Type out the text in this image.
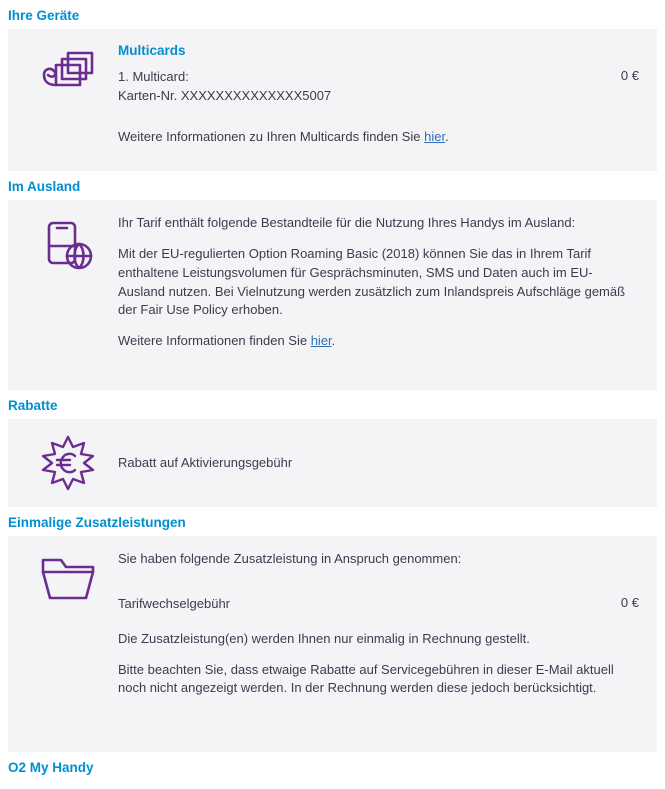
Ihre Geräte
Multicards

1. Multicard:

Karten-Nr. XXXXXXXXXXXXXX5007

0 €

Weitere Informationen zu Ihren Multicards finden Sie hier.

Im Ausland

Ihr Tarif enthält folgende Bestandteile für die Nutzung Ihres Handys im Ausland:

Mit der EU-regulierten Option Roaming Basic (2018) können Sie das in Ihrem Tarif enthaltene Leistungsvolumen für Gesprächsminuten, SMS und Daten auch im EU-Ausland nutzen. Bei Vielnutzung werden zusätzlich zum Inlandspreis Aufschläge gemäß der Fair Use Policy erhoben.

Weitere Informationen finden Sie hier.

Rabatte

Rabatt auf Aktivierungsgebühr

Einmalige Zusatzleistungen

Sie haben folgende Zusatzleistung in Anspruch genommen:

Tarifwechselgebühr	0 €

Die Zusatzleistung(en) werden Ihnen nur einmalig in Rechnung gestellt.

Bitte beachten Sie, dass etwaige Rabatte auf Servicegebühren in dieser E-Mail aktuell noch nicht angezeigt werden. In der Rechnung werden diese jedoch berücksichtigt.

O2 My Handy
